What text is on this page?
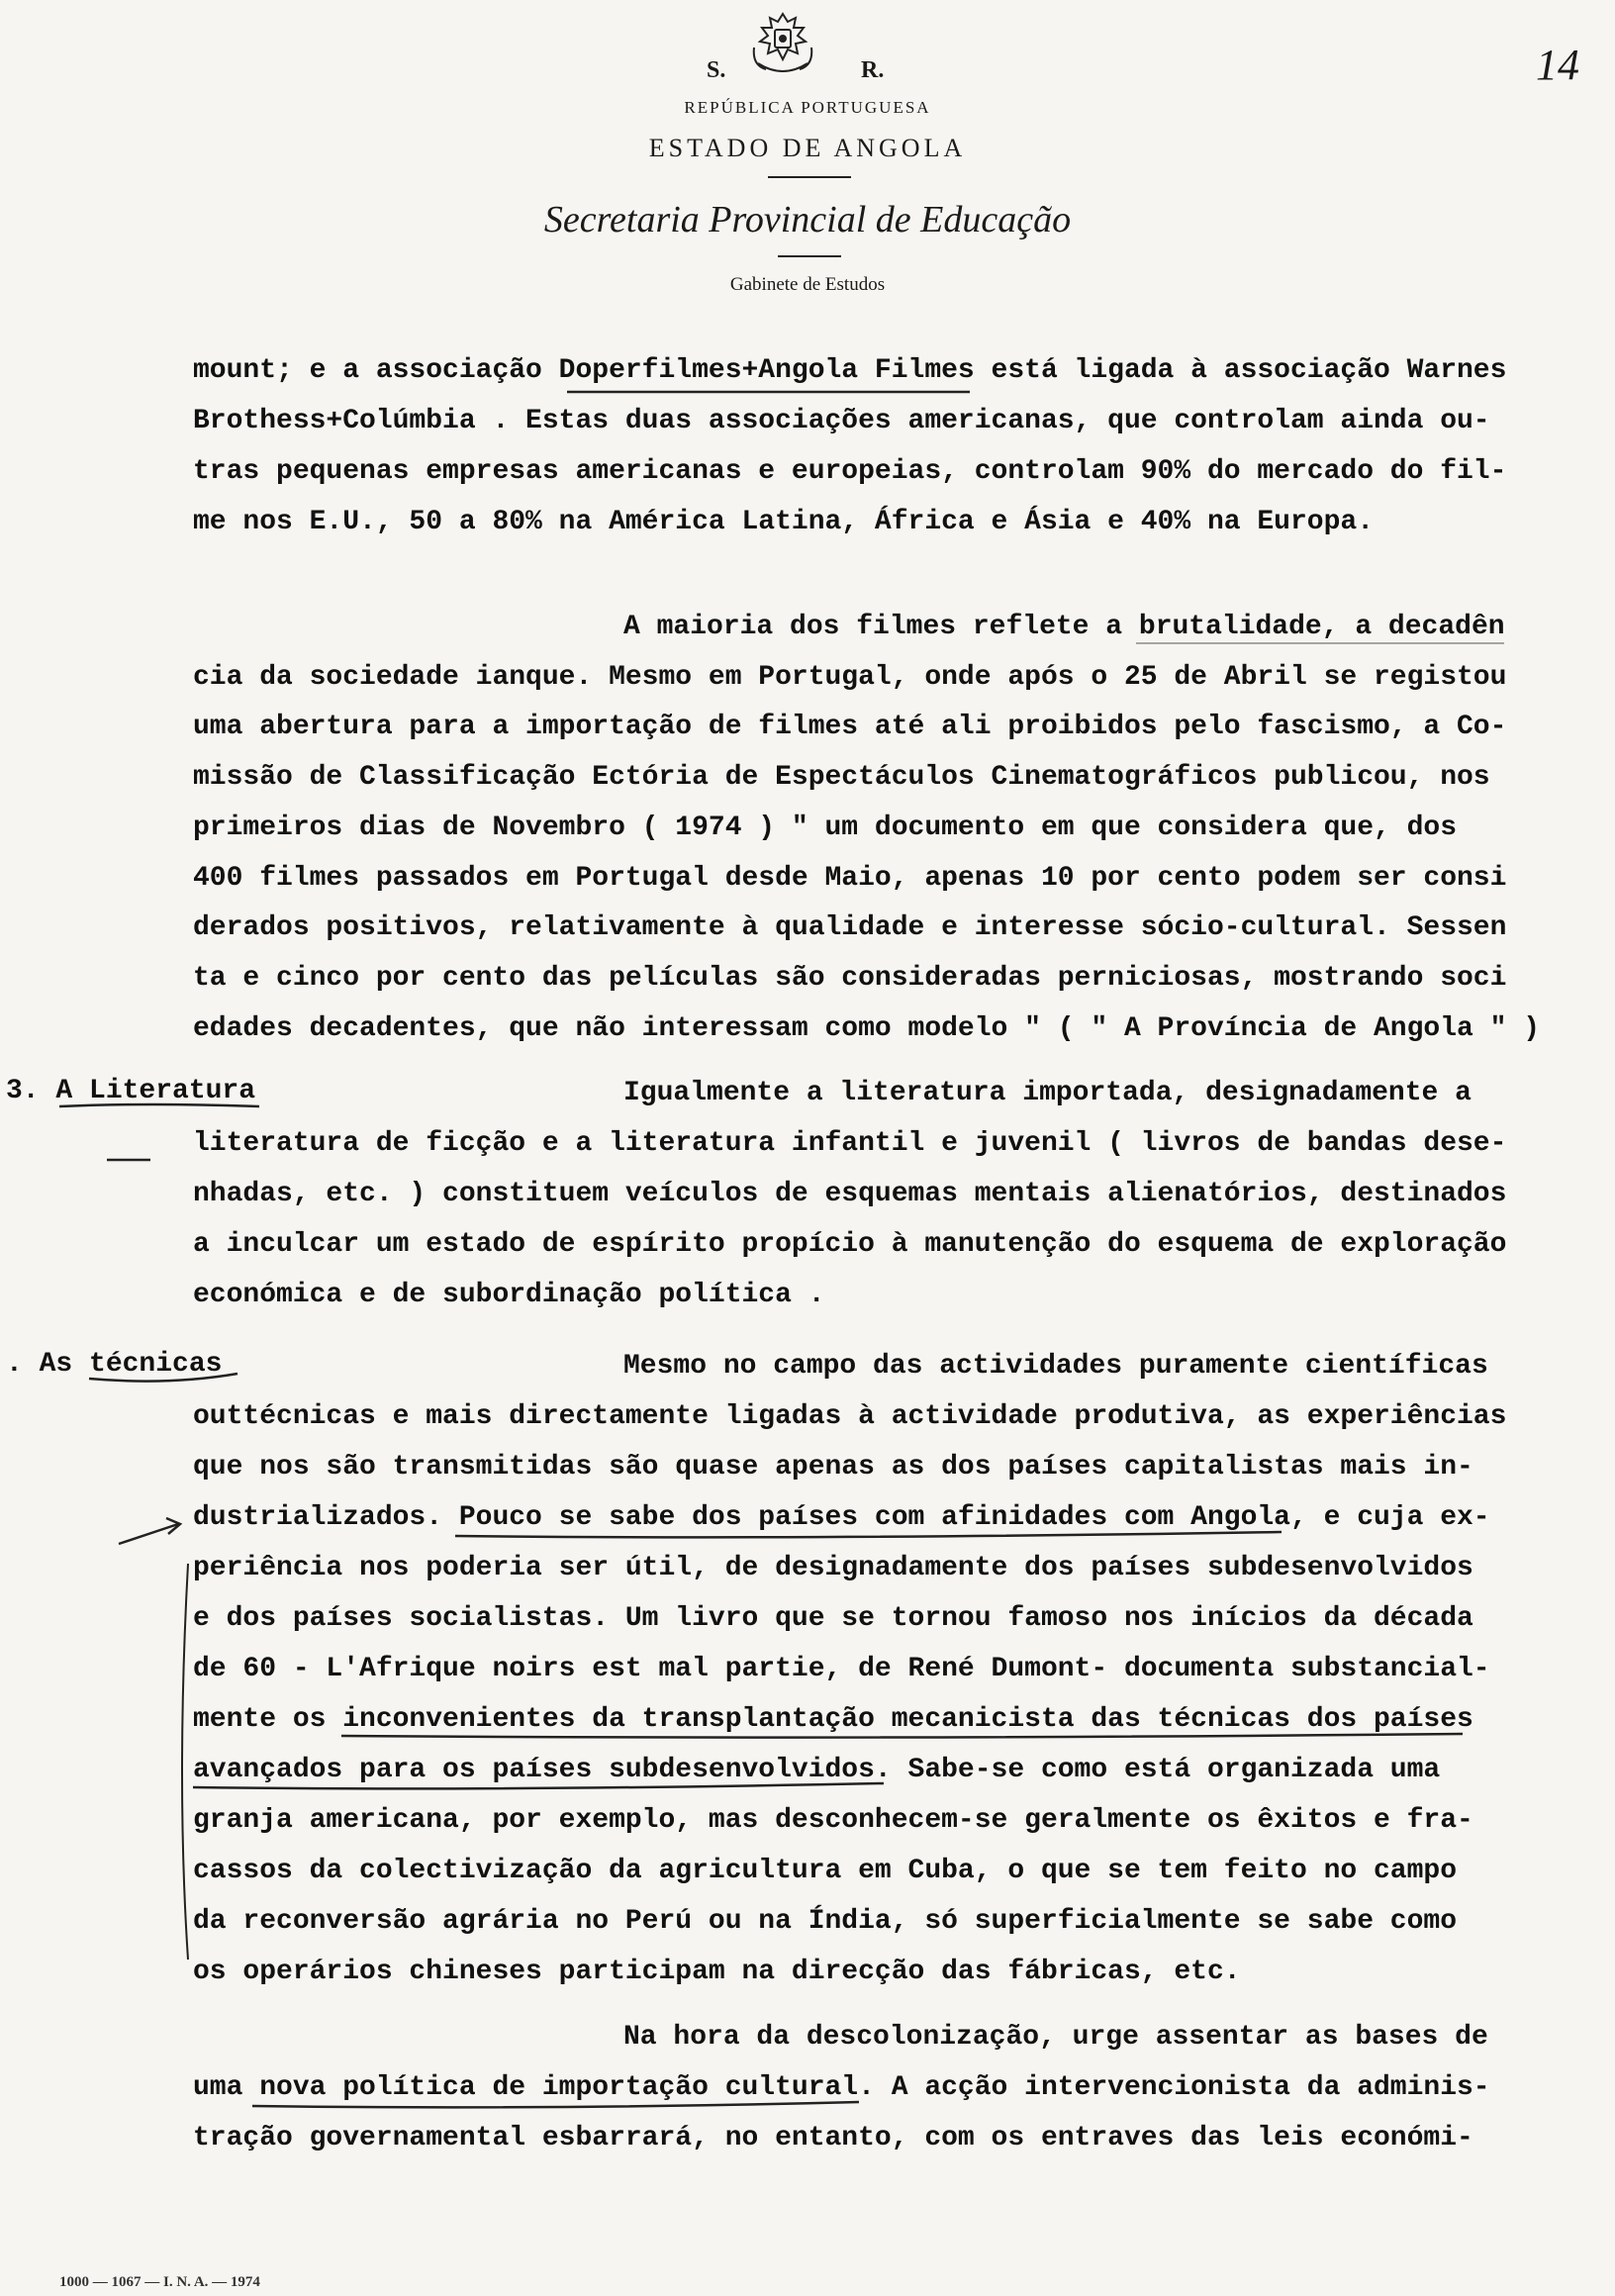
S.	R.
REPÚBLICA PORTUGUESA
ESTADO DE ANGOLA
Secretaria Provincial de Educação
Gabinete de Estudos
14
3. A Literatura
. As técnicas
mount; e a associação Doperfilmes+Angola Filmes está ligada à associação Warnes
Brothess+Colúmbia . Estas duas associações americanas, que controlam ainda ou-
tras pequenas empresas americanas e europeias, controlam 90% do mercado do fil-
me nos E.U., 50 a 80% na América Latina, África e Ásia e 40% na Europa.
A maioria dos filmes reflete a brutalidade, a decadên
cia da sociedade ianque. Mesmo em Portugal, onde após o 25 de Abril se registou
uma abertura para a importação de filmes até ali proibidos pelo fascismo, a Co-
missão de Classificação Ectória de Espectáculos Cinematográficos publicou, nos
primeiros dias de Novembro ( 1974 ) " um documento em que considera que, dos
400 filmes passados em Portugal desde Maio, apenas 10 por cento podem ser consi
derados positivos, relativamente à qualidade e interesse sócio-cultural. Sessen
ta e cinco por cento das películas são consideradas perniciosas, mostrando soci
edades decadentes, que não interessam como modelo " ( " A Província de Angola " )
Igualmente a literatura importada, designadamente a
literatura de ficção e a literatura infantil e juvenil ( livros de bandas dese-
nhadas, etc. ) constituem veículos de esquemas mentais alienatórios, destinados
a inculcar um estado de espírito propício à manutenção do esquema de exploração
económica e de subordinação política .
Mesmo no campo das actividades puramente científicas
outtécnicas e mais directamente ligadas à actividade produtiva, as experiências
que nos são transmitidas são quase apenas as dos países capitalistas mais in-
dustrializados. Pouco se sabe dos países com afinidades com Angola, e cuja ex-
periência nos poderia ser útil, de designadamente dos países subdesenvolvidos
e dos países socialistas. Um livro que se tornou famoso nos inícios da década
de 60 - L'Afrique noirs est mal partie, de René Dumont- documenta substancial-
mente os inconvenientes da transplantação mecanicista das técnicas dos países
avançados para os países subdesenvolvidos. Sabe-se como está organizada uma
granja americana, por exemplo, mas desconhecem-se geralmente os êxitos e fra-
cassos da colectivização da agricultura em Cuba, o que se tem feito no campo
da reconversão agrária no Perú ou na Índia, só superficialmente se sabe como
os operários chineses participam na direcção das fábricas, etc.
Na hora da descolonização, urge assentar as bases de
uma nova política de importação cultural. A acção intervencionista da adminis-
tração governamental esbarrará, no entanto, com os entraves das leis económi-
1000 — 1067 — I. N. A. — 1974
